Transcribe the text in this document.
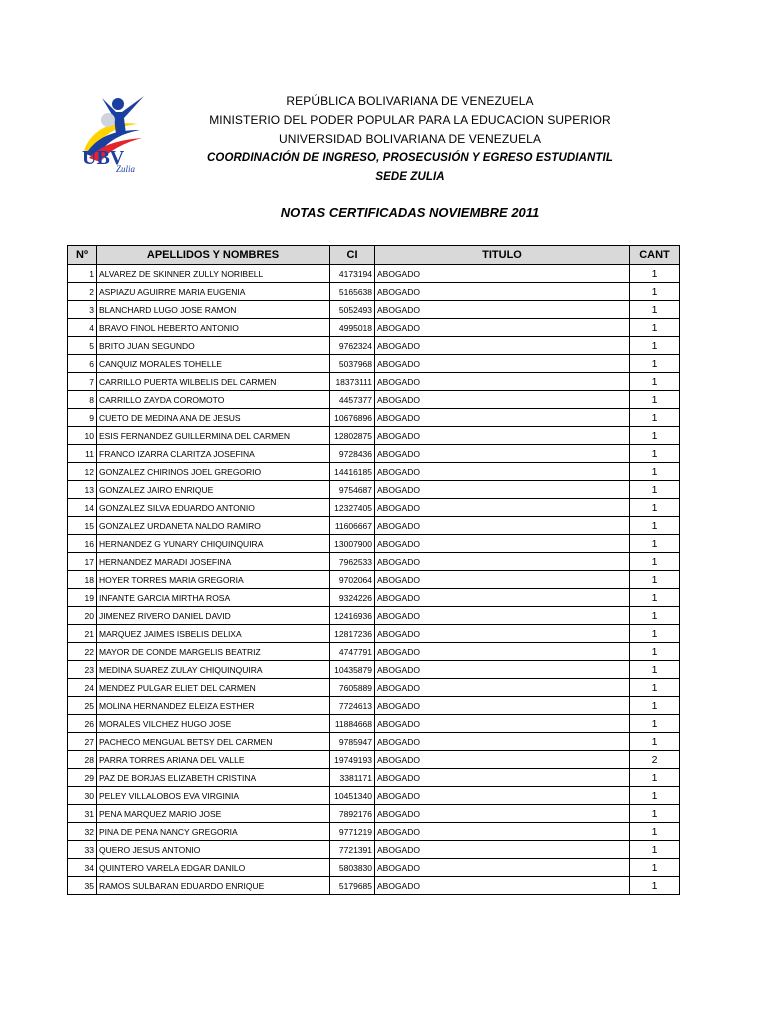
UBV
Zulia
REPÚBLICA BOLIVARIANA DE VENEZUELA
MINISTERIO DEL PODER POPULAR PARA LA EDUCACION SUPERIOR
UNIVERSIDAD BOLIVARIANA DE VENEZUELA
COORDINACIÓN DE INGRESO, PROSECUSIÓN Y EGRESO ESTUDIANTIL
SEDE ZULIA
NOTAS CERTIFICADAS NOVIEMBRE 2011
Nº	APELLIDOS Y NOMBRES	CI	TITULO	CANT
1	ALVAREZ DE SKINNER ZULLY NORIBELL	4173194	ABOGADO	1
2	ASPIAZU AGUIRRE MARIA EUGENIA	5165638	ABOGADO	1
3	BLANCHARD LUGO JOSE RAMON	5052493	ABOGADO	1
4	BRAVO FINOL HEBERTO ANTONIO	4995018	ABOGADO	1
5	BRITO JUAN SEGUNDO	9762324	ABOGADO	1
6	CANQUIZ MORALES TOHELLE	5037968	ABOGADO	1
7	CARRILLO PUERTA WILBELIS DEL CARMEN	18373111	ABOGADO	1
8	CARRILLO ZAYDA COROMOTO	4457377	ABOGADO	1
9	CUETO DE MEDINA ANA DE JESUS	10676896	ABOGADO	1
10	ESIS FERNANDEZ GUILLERMINA DEL CARMEN	12802875	ABOGADO	1
11	FRANCO IZARRA CLARITZA JOSEFINA	9728436	ABOGADO	1
12	GONZALEZ CHIRINOS JOEL GREGORIO	14416185	ABOGADO	1
13	GONZALEZ JAIRO ENRIQUE	9754687	ABOGADO	1
14	GONZALEZ SILVA EDUARDO ANTONIO	12327405	ABOGADO	1
15	GONZALEZ URDANETA NALDO RAMIRO	11606667	ABOGADO	1
16	HERNANDEZ G YUNARY CHIQUINQUIRA	13007900	ABOGADO	1
17	HERNANDEZ MARADI JOSEFINA	7962533	ABOGADO	1
18	HOYER TORRES MARIA GREGORIA	9702064	ABOGADO	1
19	INFANTE GARCIA MIRTHA ROSA	9324226	ABOGADO	1
20	JIMENEZ RIVERO DANIEL DAVID	12416936	ABOGADO	1
21	MARQUEZ JAIMES ISBELIS DELIXA	12817236	ABOGADO	1
22	MAYOR DE CONDE MARGELIS BEATRIZ	4747791	ABOGADO	1
23	MEDINA SUAREZ ZULAY CHIQUINQUIRA	10435879	ABOGADO	1
24	MENDEZ PULGAR ELIET DEL CARMEN	7605889	ABOGADO	1
25	MOLINA HERNANDEZ ELEIZA ESTHER	7724613	ABOGADO	1
26	MORALES VILCHEZ HUGO JOSE	11884668	ABOGADO	1
27	PACHECO MENGUAL BETSY DEL CARMEN	9785947	ABOGADO	1
28	PARRA TORRES ARIANA DEL VALLE	19749193	ABOGADO	2
29	PAZ DE BORJAS ELIZABETH CRISTINA	3381171	ABOGADO	1
30	PELEY VILLALOBOS EVA VIRGINIA	10451340	ABOGADO	1
31	PENA MARQUEZ MARIO JOSE	7892176	ABOGADO	1
32	PINA DE PENA NANCY GREGORIA	9771219	ABOGADO	1
33	QUERO JESUS ANTONIO	7721391	ABOGADO	1
34	QUINTERO VARELA EDGAR DANILO	5803830	ABOGADO	1
35	RAMOS SULBARAN EDUARDO ENRIQUE	5179685	ABOGADO	1
